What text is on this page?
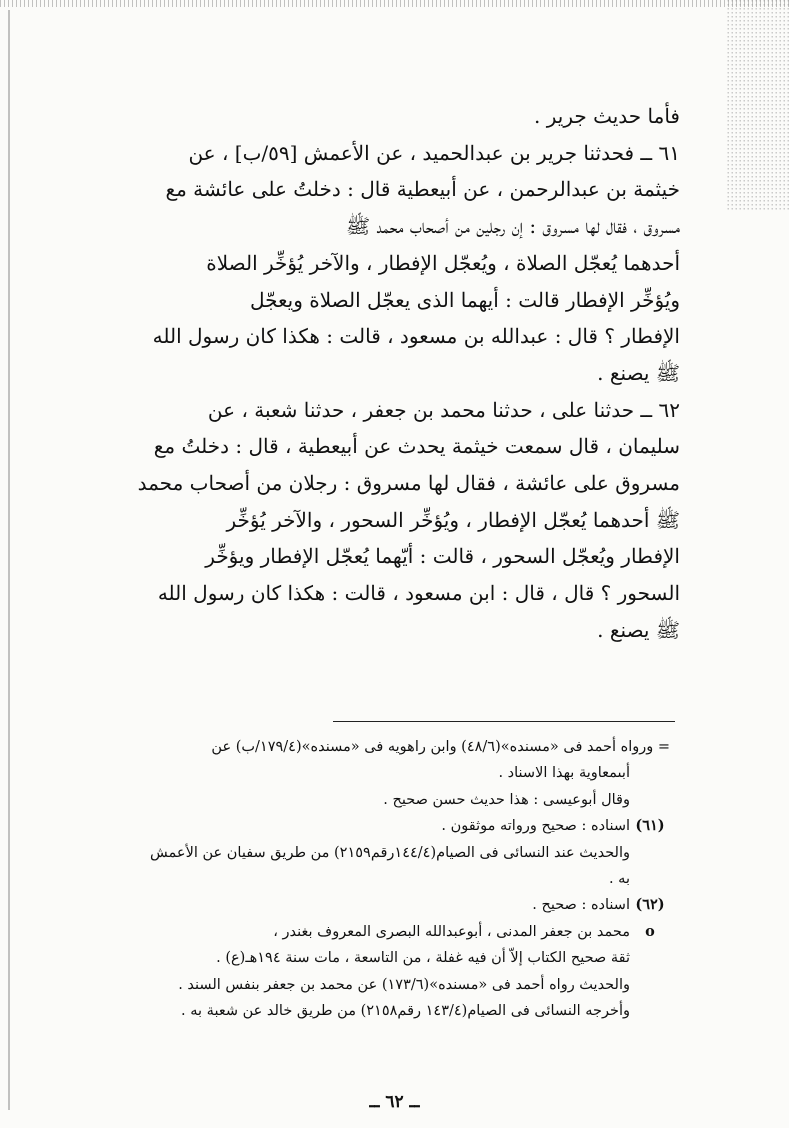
فأما حديث جرير .

٦١ ــ فحدثنا جرير بن عبدالحميد ، عن الأعمش [٥٩/ب] ، عن

خيثمة بن عبدالرحمن ، عن أبيعطية قال : دخلتُ على عائشة مع

مسروق ، فقال لها مسروق : إن رجلين من أصحاب محمد ﷺ

أحدهما يُعجّل الصلاة ، ويُعجّل الإفطار ، والآخر يُؤخِّر الصلاة

ويُؤخِّر الإفطار قالت : أيهما الذى يعجّل الصلاة ويعجّل

الإفطار ؟ قال : عبدالله بن مسعود ، قالت : هكذا كان رسول الله

ﷺ يصنع .

٦٢ ــ حدثنا على ، حدثنا محمد بن جعفر ، حدثنا شعبة ، عن

سليمان ، قال سمعت خيثمة يحدث عن أبيعطية ، قال : دخلتُ مع

مسروق على عائشة ، فقال لها مسروق : رجلان من أصحاب محمد

ﷺ أحدهما يُعجّل الإفطار ، ويُؤخِّر السحور ، والآخر يُؤخِّر

الإفطار ويُعجّل السحور ، قالت : أيّهما يُعجّل الإفطار ويؤخِّر

السحور ؟ قال ، قال : ابن مسعود ، قالت : هكذا كان رسول الله

ﷺ يصنع .

= ورواه أحمد فى «مسنده»(٤٨/٦) وابن راهويه فى «مسنده»(١٧٩/٤/ب) عن

أبىمعاوية بهذا الاسناد .

وقال أبوعيسى : هذا حديث حسن صحيح .

(٦١)اسناده : صحيح ورواته موثقون .

والحديث عند النسائى فى الصيام(١٤٤/٤رقم٢١٥٩) من طريق سفيان عن الأعمش

به .

(٦٢)اسناده : صحيح .

oمحمد بن جعفر المدنى ، أبوعبدالله البصرى المعروف بغندر ،

ثقة صحيح الكتاب إلاّ أن فيه غفلة ، من التاسعة ، مات سنة ١٩٤هـ(ع) .

والحديث رواه أحمد فى «مسنده»(١٧٣/٦) عن محمد بن جعفر بنفس السند .

وأخرجه النسائى فى الصيام(١٤٣/٤ رقم٢١٥٨) من طريق خالد عن شعبة به .

ــ ٦٢ ــ
